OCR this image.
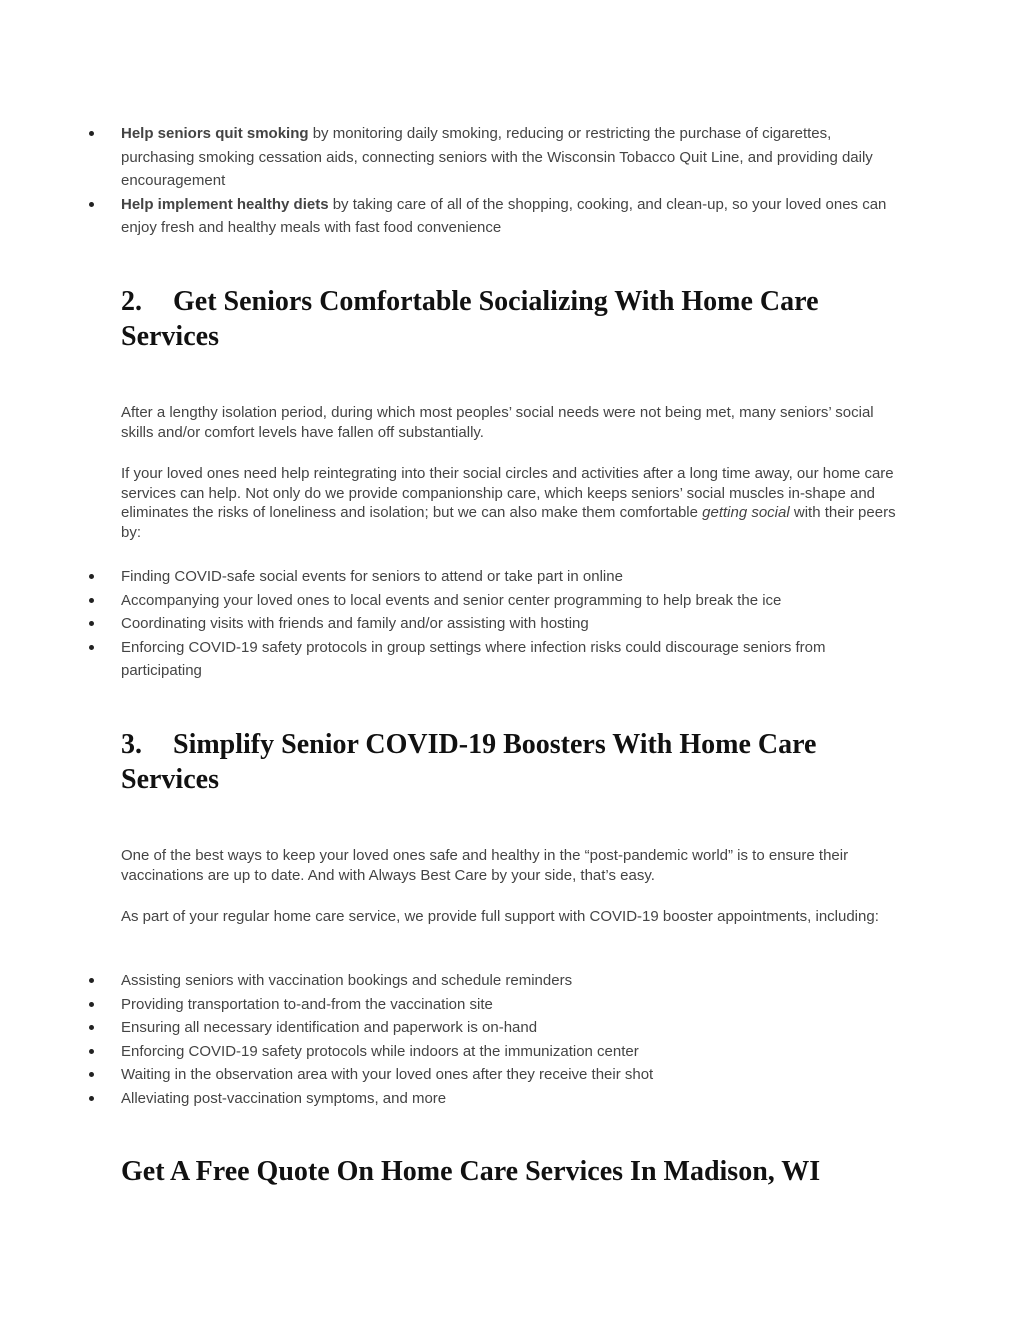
Help seniors quit smoking by monitoring daily smoking, reducing or restricting the purchase of cigarettes, purchasing smoking cessation aids, connecting seniors with the Wisconsin Tobacco Quit Line, and providing daily encouragement
Help implement healthy diets by taking care of all of the shopping, cooking, and clean-up, so your loved ones can enjoy fresh and healthy meals with fast food convenience
2. Get Seniors Comfortable Socializing With Home Care Services

After a lengthy isolation period, during which most peoples’ social needs were not being met, many seniors’ social skills and/or comfort levels have fallen off substantially.

If your loved ones need help reintegrating into their social circles and activities after a long time away, our home care services can help. Not only do we provide companionship care, which keeps seniors’ social muscles in-shape and eliminates the risks of loneliness and isolation; but we can also make them comfortable getting social with their peers by:

Finding COVID-safe social events for seniors to attend or take part in online
Accompanying your loved ones to local events and senior center programming to help break the ice
Coordinating visits with friends and family and/or assisting with hosting
Enforcing COVID-19 safety protocols in group settings where infection risks could discourage seniors from participating
3. Simplify Senior COVID-19 Boosters With Home Care Services

One of the best ways to keep your loved ones safe and healthy in the “post-pandemic world” is to ensure their vaccinations are up to date. And with Always Best Care by your side, that’s easy.

As part of your regular home care service, we provide full support with COVID-19 booster appointments, including:

Assisting seniors with vaccination bookings and schedule reminders
Providing transportation to-and-from the vaccination site
Ensuring all necessary identification and paperwork is on-hand
Enforcing COVID-19 safety protocols while indoors at the immunization center
Waiting in the observation area with your loved ones after they receive their shot
Alleviating post-vaccination symptoms, and more
Get A Free Quote On Home Care Services In Madison, WI
